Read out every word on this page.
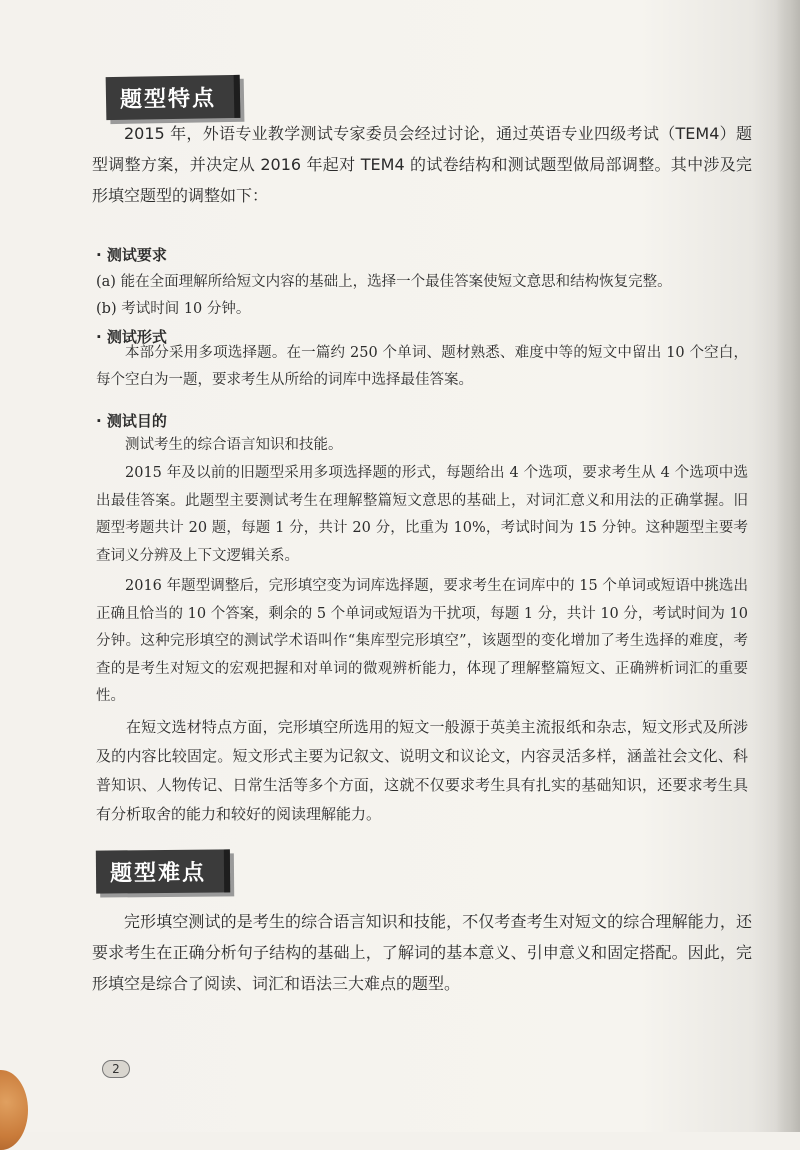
题型特点

2015 年，外语专业教学测试专家委员会经过讨论，通过英语专业四级考试（TEM4）题型调整方案，并决定从 2016 年起对 TEM4 的试卷结构和测试题型做局部调整。其中涉及完形填空题型的调整如下：

· 测试要求
(a) 能在全面理解所给短文内容的基础上，选择一个最佳答案使短文意思和结构恢复完整。
(b) 考试时间 10 分钟。
· 测试形式

本部分采用多项选择题。在一篇约 250 个单词、题材熟悉、难度中等的短文中留出 10 个空白，每个空白为一题，要求考生从所给的词库中选择最佳答案。

· 测试目的

测试考生的综合语言知识和技能。

2015 年及以前的旧题型采用多项选择题的形式，每题给出 4 个选项，要求考生从 4 个选项中选出最佳答案。此题型主要测试考生在理解整篇短文意思的基础上，对词汇意义和用法的正确掌握。旧题型考题共计 20 题，每题 1 分，共计 20 分，比重为 10%，考试时间为 15 分钟。这种题型主要考查词义分辨及上下文逻辑关系。

2016 年题型调整后，完形填空变为词库选择题，要求考生在词库中的 15 个单词或短语中挑选出正确且恰当的 10 个答案，剩余的 5 个单词或短语为干扰项，每题 1 分，共计 10 分，考试时间为 10 分钟。这种完形填空的测试学术语叫作“集库型完形填空”，该题型的变化增加了考生选择的难度，考查的是考生对短文的宏观把握和对单词的微观辨析能力，体现了理解整篇短文、正确辨析词汇的重要性。

在短文选材特点方面，完形填空所选用的短文一般源于英美主流报纸和杂志，短文形式及所涉及的内容比较固定。短文形式主要为记叙文、说明文和议论文，内容灵活多样，涵盖社会文化、科普知识、人物传记、日常生活等多个方面，这就不仅要求考生具有扎实的基础知识，还要求考生具有分析取舍的能力和较好的阅读理解能力。

题型难点

完形填空测试的是考生的综合语言知识和技能，不仅考查考生对短文的综合理解能力，还要求考生在正确分析句子结构的基础上，了解词的基本意义、引申意义和固定搭配。因此，完形填空是综合了阅读、词汇和语法三大难点的题型。

2
